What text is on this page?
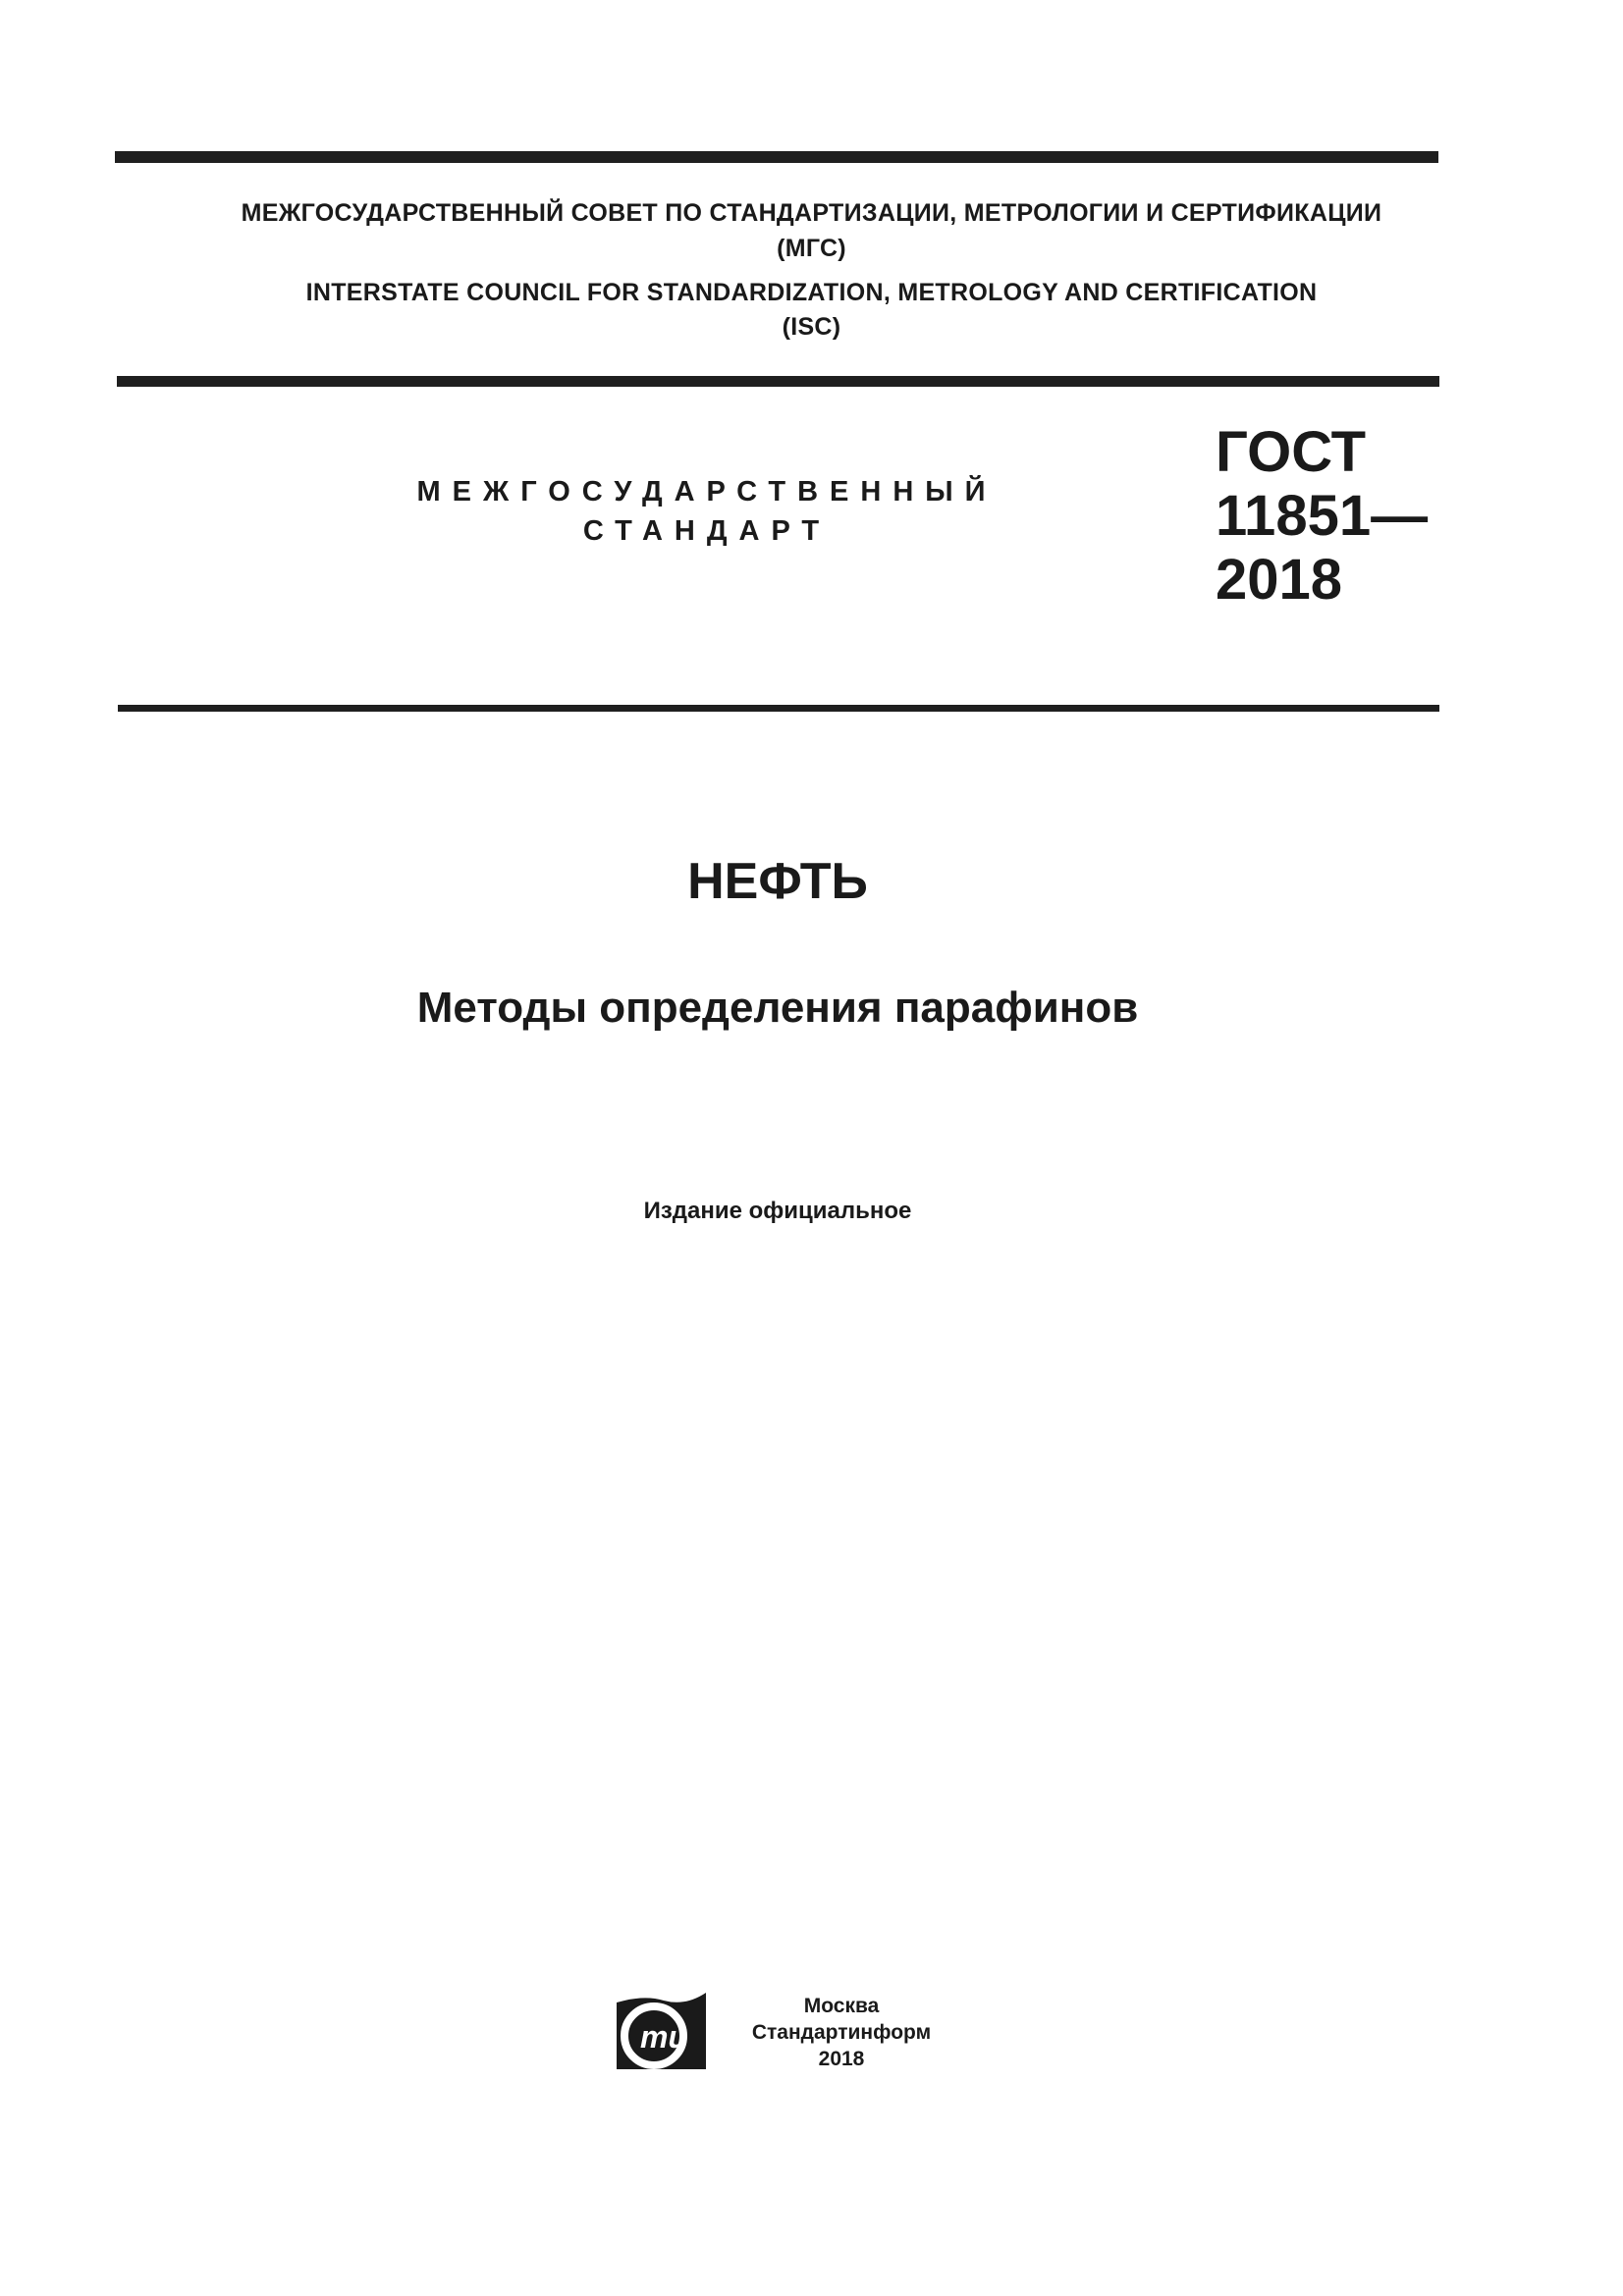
МЕЖГОСУДАРСТВЕННЫЙ СОВЕТ ПО СТАНДАРТИЗАЦИИ, МЕТРОЛОГИИ И СЕРТИФИКАЦИИ
(МГС)
INTERSTATE COUNCIL FOR STANDARDIZATION, METROLOGY AND CERTIFICATION
(ISC)
МЕЖГОСУДАРСТВЕННЫЙ
СТАНДАРТ
ГОСТ
11851—
2018
НЕФТЬ
Методы определения парафинов
Издание официальное
ти
Москва
Стандартинформ
2018
